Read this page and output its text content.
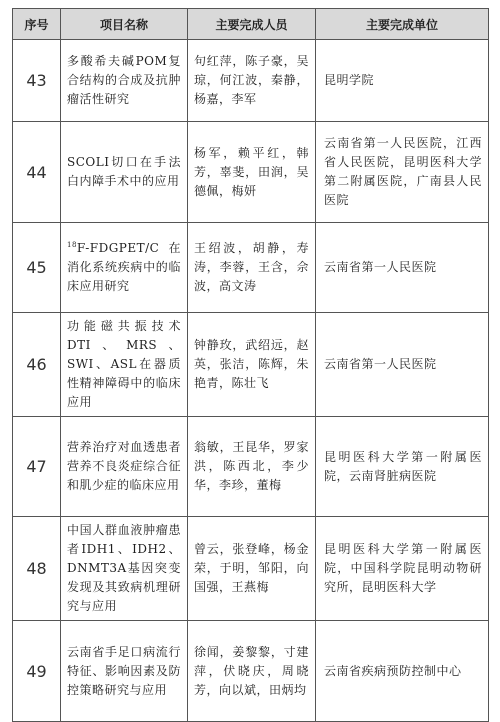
序号	项目名称	主要完成人员	主要完成单位
43	多酸希夫碱POM复合结构的合成及抗肿瘤活性研究	句红萍，陈子豪，吴琼，何江波，秦静，杨嘉，李军	昆明学院
44	SCOLI切口在手法白内障手术中的应用	杨军，赖平红，韩芳，辜斐，田润，吴德佩，梅妍	云南省第一人民医院，江西省人民医院，昆明医科大学第二附属医院，广南县人民医院
45	$^{18}$F-FDGPET/C在消化系统疾病中的临床应用研究	王绍波，胡静，寿涛，李蓉，王含，佘波，高文涛	云南省第一人民医院
46	功能磁共振技术DTI、MRS、SWI、ASL在器质性精神障碍中的临床应用	钟静玫，武绍远，赵英，张洁，陈辉，朱艳青，陈壮飞	云南省第一人民医院
47	营养治疗对血透患者营养不良炎症综合征和肌少症的临床应用	翁敏，王昆华，罗家洪，陈西北，李少华，李珍，董梅	昆明医科大学第一附属医院，云南肾脏病医院
48	中国人群血液肿瘤患者IDH1、IDH2、DNMT3A基因突变发现及其致病机理研究与应用	曾云，张登峰，杨金荣，于明，邹阳，向国强，王燕梅	昆明医科大学第一附属医院，中国科学院昆明动物研究所，昆明医科大学
49	云南省手足口病流行特征、影响因素及防控策略研究与应用	徐闻，姜黎黎，寸建萍，伏晓庆，周晓芳，向以斌，田炳均	云南省疾病预防控制中心
